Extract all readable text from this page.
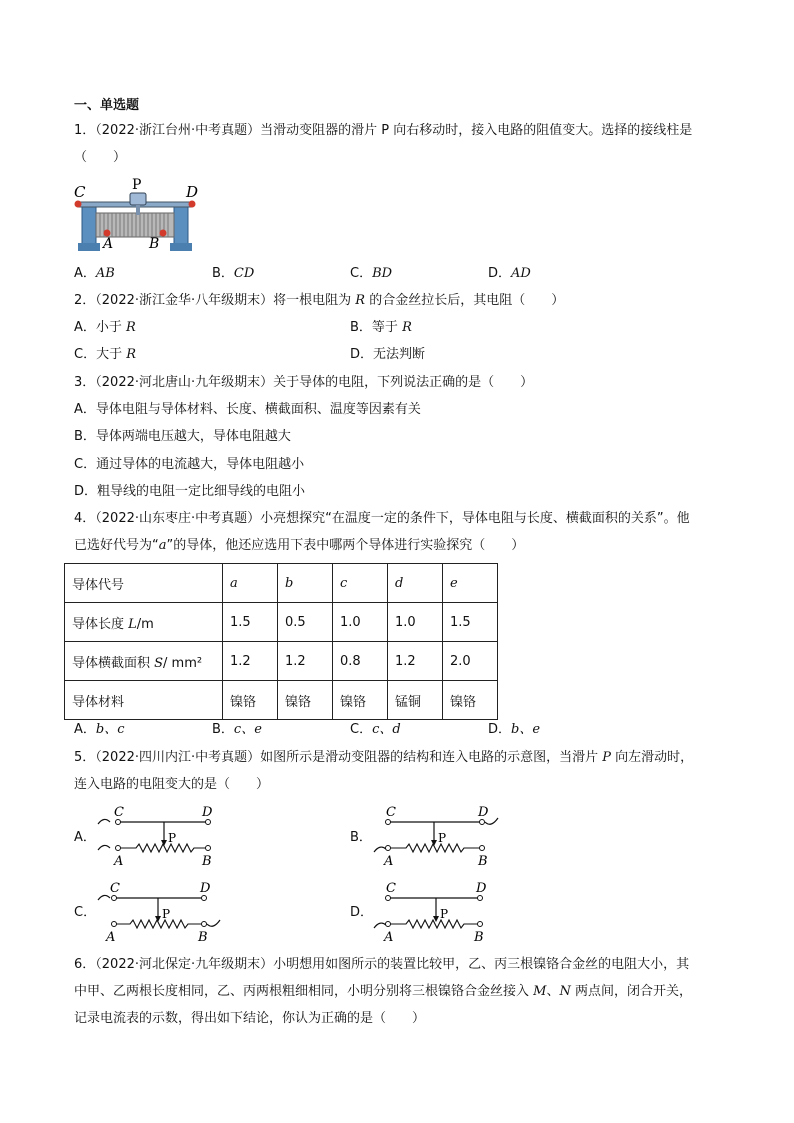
一、单选题
1．（2022·浙江台州·中考真题）当滑动变阻器的滑片 P 向右移动时，接入电路的阻值变大。选择的接线柱是
（　　）
C	P	D
A	B
A．AB	B．CD	C．BD	D．AD
2．（2022·浙江金华·八年级期末）将一根电阻为 R 的合金丝拉长后，其电阻（　　）
A．小于 R	B．等于 R
C．大于 R	D．无法判断
3．（2022·河北唐山·九年级期末）关于导体的电阻，下列说法正确的是（　　）
A．导体电阻与导体材料、长度、横截面积、温度等因素有关
B．导体两端电压越大，导体电阻越大
C．通过导体的电流越大，导体电阻越小
D．粗导线的电阻一定比细导线的电阻小
4．（2022·山东枣庄·中考真题）小亮想探究“在温度一定的条件下，导体电阻与长度、横截面积的关系”。他
已选好代号为“a”的导体，他还应选用下表中哪两个导体进行实验探究（　　）
导体代号	a	b	c	d	e
导体长度 L/m	1.5	0.5	1.0	1.0	1.5
导体横截面积 S/ mm²	1.2	1.2	0.8	1.2	2.0
导体材料	镍铬	镍铬	镍铬	锰铜	镍铬
A．b、c	B．c、e	C．c、d	D．b、e
5．（2022·四川内江·中考真题）如图所示是滑动变阻器的结构和连入电路的示意图，当滑片 P 向左滑动时，
连入电路的电阻变大的是（　　）
A．
C	D
P
A	B
B．
C	D
P
A	B
C．
C	D
P
A	B
D．
C	D
P
A	B
6．（2022·河北保定·九年级期末）小明想用如图所示的装置比较甲，乙、丙三根镍铬合金丝的电阻大小，其
中甲、乙两根长度相同，乙、丙两根粗细相同，小明分别将三根镍铬合金丝接入 M、N 两点间，闭合开关，
记录电流表的示数，得出如下结论，你认为正确的是（　　）
